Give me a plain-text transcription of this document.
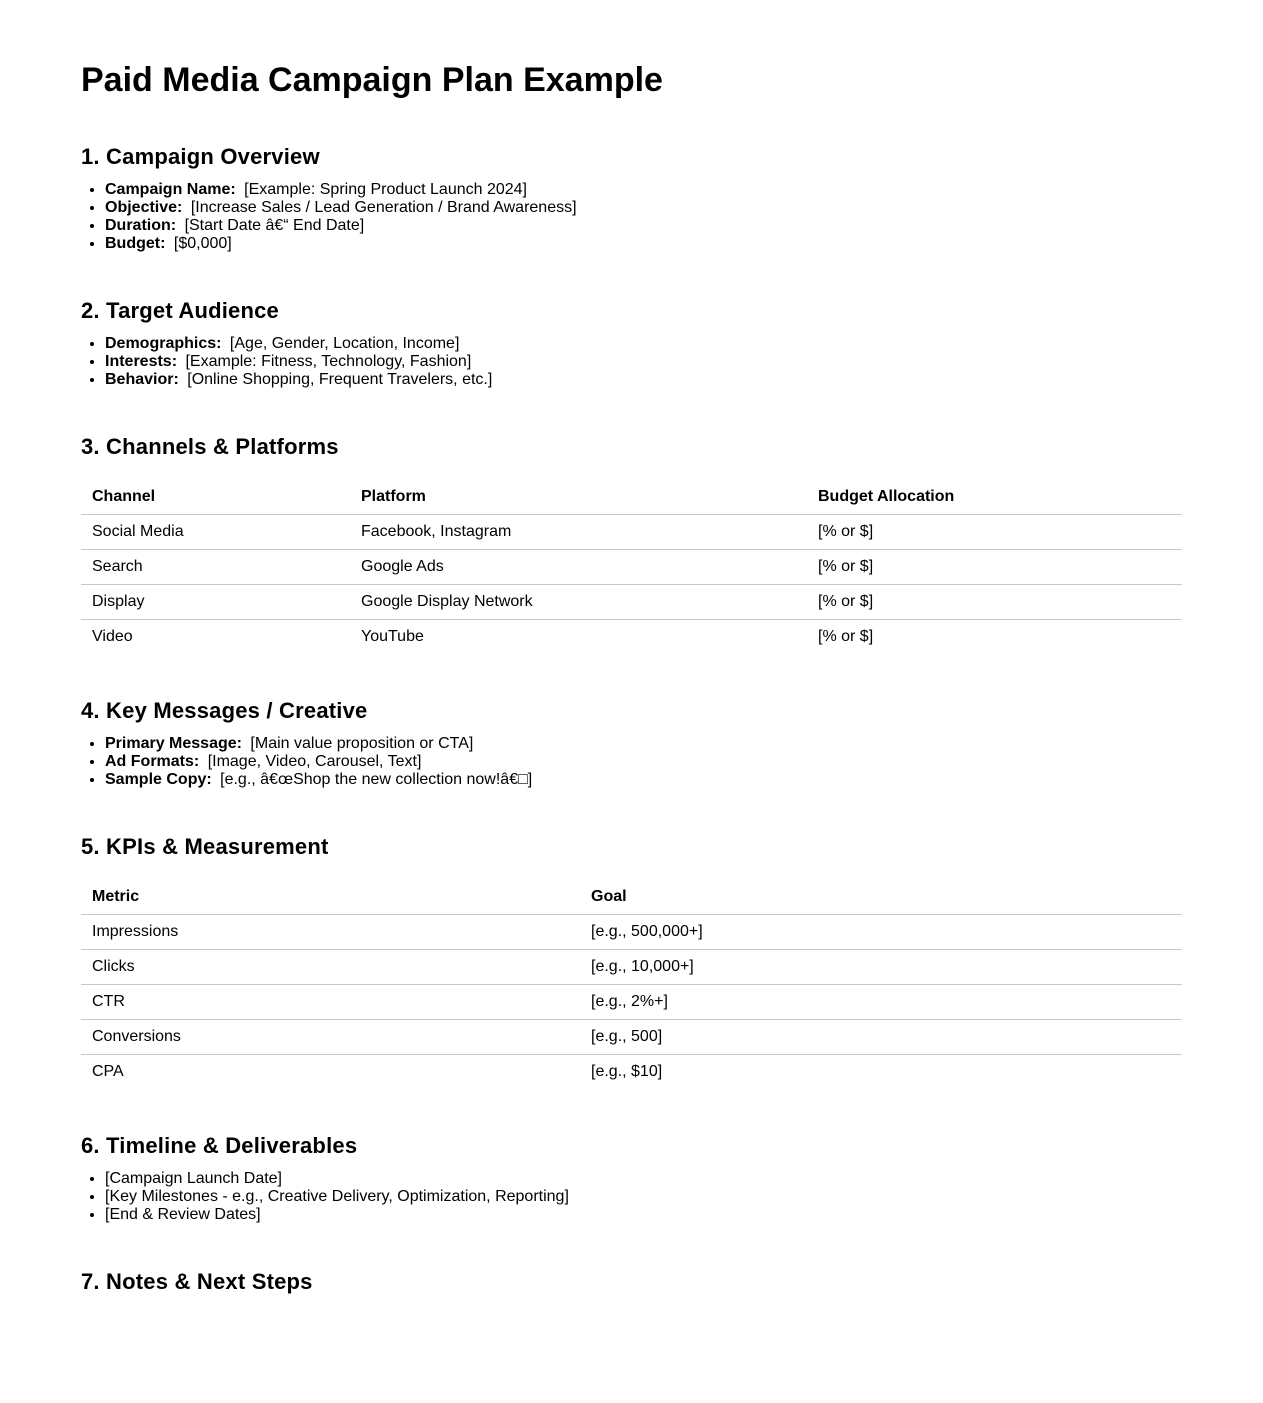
Paid Media Campaign Plan Example
1. Campaign Overview
• Campaign Name: [Example: Spring Product Launch 2024]
• Objective: [Increase Sales / Lead Generation / Brand Awareness]
• Duration: [Start Date â€“ End Date]
• Budget: [$0,000]
2. Target Audience
• Demographics: [Age, Gender, Location, Income]
• Interests: [Example: Fitness, Technology, Fashion]
• Behavior: [Online Shopping, Frequent Travelers, etc.]
3. Channels & Platforms
Channel	Platform	Budget Allocation
Social Media	Facebook, Instagram	[% or $]
Search	Google Ads	[% or $]
Display	Google Display Network	[% or $]
Video	YouTube	[% or $]
4. Key Messages / Creative
• Primary Message: [Main value proposition or CTA]
• Ad Formats: [Image, Video, Carousel, Text]
• Sample Copy: [e.g., â€œShop the new collection now!â€□]
5. KPIs & Measurement
Metric	Goal
Impressions	[e.g., 500,000+]
Clicks	[e.g., 10,000+]
CTR	[e.g., 2%+]
Conversions	[e.g., 500]
CPA	[e.g., $10]
6. Timeline & Deliverables
• [Campaign Launch Date]
• [Key Milestones - e.g., Creative Delivery, Optimization, Reporting]
• [End & Review Dates]
7. Notes & Next Steps
